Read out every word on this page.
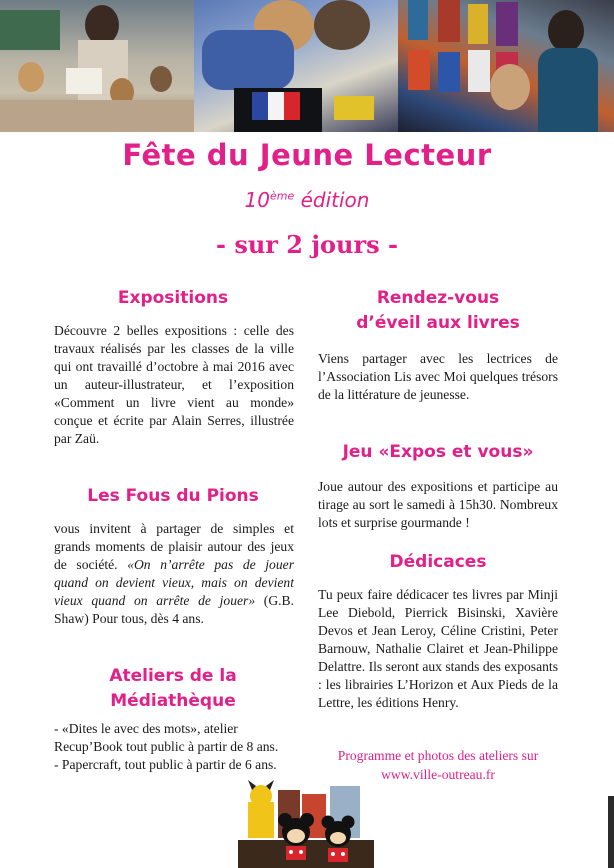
Fête du Jeune Lecteur
10ème édition
- sur 2 jours -
Expositions
Découvre 2 belles expositions : celle des travaux réalisés par les classes de la ville qui ont travaillé d’octobre à mai 2016 avec un auteur-illustrateur, et l’exposition «Comment un livre vient au monde» conçue et écrite par Alain Serres, illustrée par Zaü.
Les Fous du Pions
vous invitent à partager de simples et grands moments de plaisir autour des jeux de société. «On n’arrête pas de jouer quand on devient vieux, mais on devient vieux quand on arrête de jouer» (G.B. Shaw) Pour tous, dès 4 ans.
Ateliers de la
Médiathèque
- «Dites le avec des mots», atelier Recup’Book tout public à partir de 8 ans.
- Papercraft, tout public à partir de 6 ans.
Rendez-vous
d’éveil aux livres
Viens partager avec les lectrices de l’Association Lis avec Moi quelques trésors de la littérature de jeunesse.
Jeu «Expos et vous»
Joue autour des expositions et participe au tirage au sort le samedi à 15h30. Nombreux lots et surprise gourmande !
Dédicaces
Tu peux faire dédicacer tes livres par Minji Lee Diebold, Pierrick Bisinski, Xavière Devos et Jean Leroy, Céline Cristini, Peter Barnouw, Nathalie Clairet et Jean-Philippe Delattre. Ils seront aux stands des exposants : les librairies L’Horizon et Aux Pieds de la Lettre, les éditions Henry.
Programme et photos des ateliers sur
www.ville-outreau.fr
